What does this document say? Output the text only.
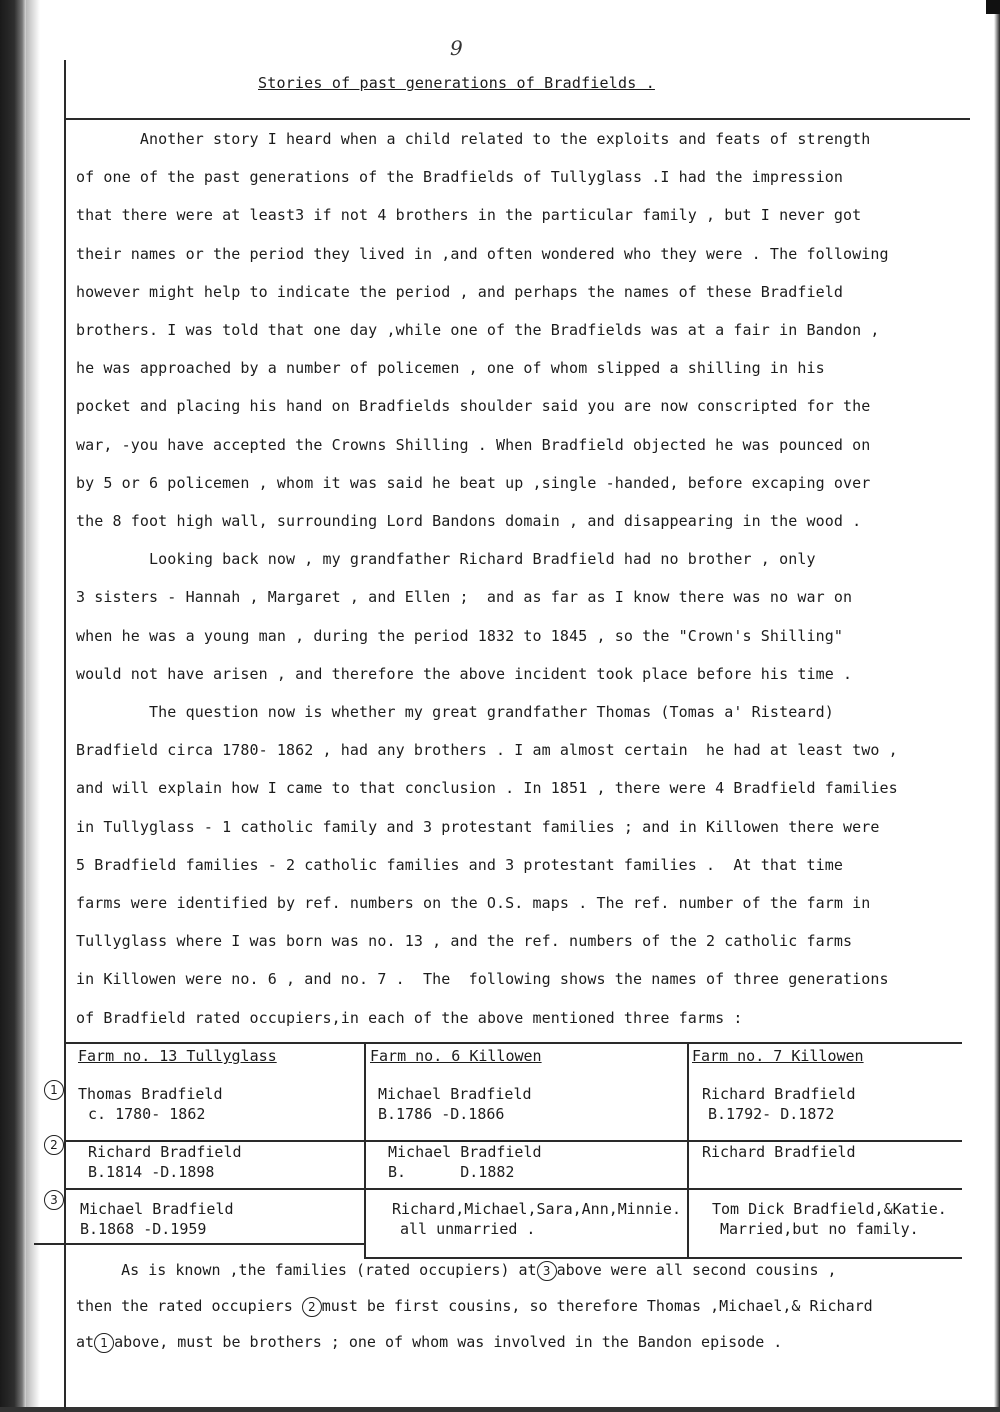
9
Stories of past generations of Bradfields .
Another story I heard when a child related to the exploits and feats of strength
of one of the past generations of the Bradfields of Tullyglass .I had the impression
that there were at least3 if not 4 brothers in the particular family , but I never got
their names or the period they lived in ,and often wondered who they were . The following
however might help to indicate the period , and perhaps the names of these Bradfield
brothers. I was told that one day ,while one of the Bradfields was at a fair in Bandon ,
he was approached by a number of policemen , one of whom slipped a shilling in his
pocket and placing his hand on Bradfields shoulder said you are now conscripted for the
war, -you have accepted the Crowns Shilling . When Bradfield objected he was pounced on
by 5 or 6 policemen , whom it was said he beat up ,single -handed, before excaping over
the 8 foot high wall, surrounding Lord Bandons domain , and disappearing in the wood .
Looking back now , my grandfather Richard Bradfield had no brother , only
3 sisters - Hannah , Margaret , and Ellen ;  and as far as I know there was no war on
when he was a young man , during the period 1832 to 1845 , so the "Crown's Shilling"
would not have arisen , and therefore the above incident took place before his time .
The question now is whether my great grandfather Thomas (Tomas a' Risteard)
Bradfield circa 1780- 1862 , had any brothers . I am almost certain  he had at least two ,
and will explain how I came to that conclusion . In 1851 , there were 4 Bradfield families
in Tullyglass - 1 catholic family and 3 protestant families ; and in Killowen there were
5 Bradfield families - 2 catholic families and 3 protestant families .  At that time
farms were identified by ref. numbers on the O.S. maps . The ref. number of the farm in
Tullyglass where I was born was no. 13 , and the ref. numbers of the 2 catholic farms
in Killowen were no. 6 , and no. 7 .  The  following shows the names of three generations
of Bradfield rated occupiers,in each of the above mentioned three farms :
Farm no. 13 Tullyglass	Farm no. 6 Killowen	Farm no. 7 Killowen
1
2
3
Thomas Bradfield
c. 1780- 1862
Michael Bradfield
B.1786 -D.1866
Richard Bradfield
B.1792- D.1872
Richard Bradfield
B.1814 -D.1898
Michael Bradfield
B.      D.1882
Richard Bradfield
Michael Bradfield
B.1868 -D.1959
Richard,Michael,Sara,Ann,Minnie.
all unmarried .
Tom Dick Bradfield,&Katie.
Married,but no family.
As is known ,the families (rated occupiers) at 3 above were all second cousins ,
then the rated occupiers 2 must be first cousins, so therefore Thomas ,Michael,& Richard
at 1 above, must be brothers ; one of whom was involved in the Bandon episode .
